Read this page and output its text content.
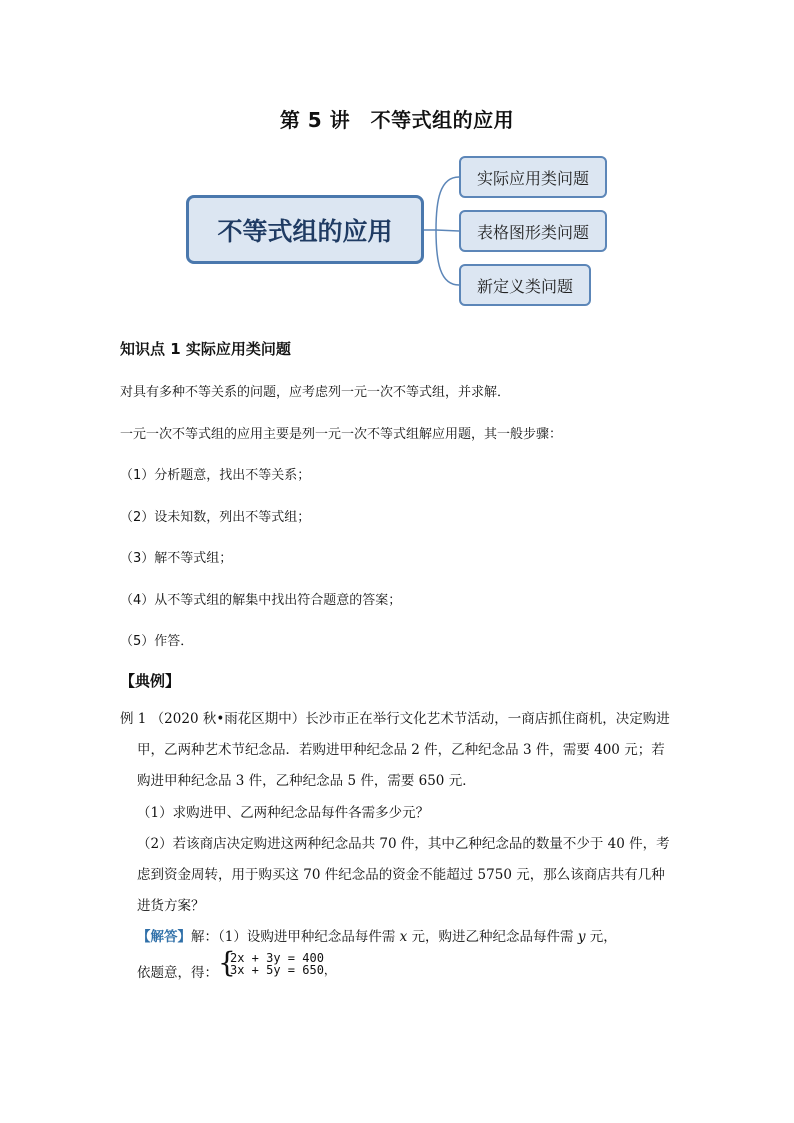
第 5 讲　不等式组的应用
不等式组的应用
实际应用类问题
表格图形类问题
新定义类问题
知识点 1 实际应用类问题
对具有多种不等关系的问题，应考虑列一元一次不等式组，并求解．
一元一次不等式组的应用主要是列一元一次不等式组解应用题，其一般步骤：
（1）分析题意，找出不等关系；
（2）设未知数，列出不等式组；
（3）解不等式组；
（4）从不等式组的解集中找出符合题意的答案；
（5）作答．
【典例】
例 1 （2020 秋•雨花区期中）长沙市正在举行文化艺术节活动，一商店抓住商机，决定购进
甲，乙两种艺术节纪念品．若购进甲种纪念品 2 件，乙种纪念品 3 件，需要 400 元；若
购进甲种纪念品 3 件，乙种纪念品 5 件，需要 650 元．
（1）求购进甲、乙两种纪念品每件各需多少元？
（2）若该商店决定购进这两种纪念品共 70 件，其中乙种纪念品的数量不少于 40 件，考
虑到资金周转，用于购买这 70 件纪念品的资金不能超过 5750 元，那么该商店共有几种
进货方案？
【解答】解：（1）设购进甲种纪念品每件需 x 元，购进乙种纪念品每件需 y 元，
依题意，得： {
2x + 3y = 400
3x + 5y = 650，
